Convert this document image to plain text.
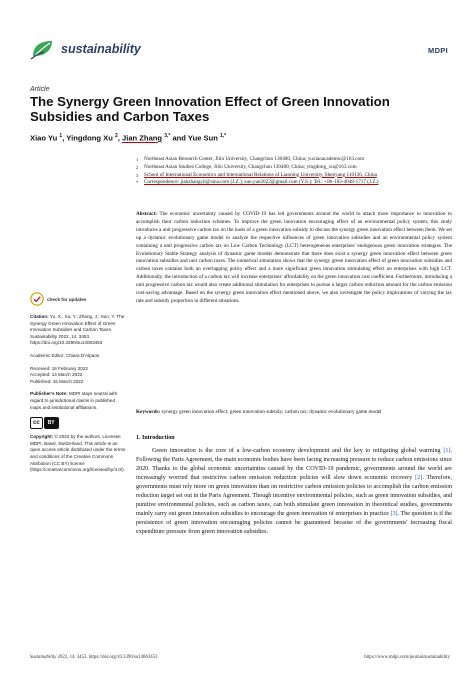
sustainability	MDPI
Article
The Synergy Green Innovation Effect of Green Innovation Subsidies and Carbon Taxes
Xiao Yu $^1$, Yingdong Xu $^2$, Jian Zhang $^{3,*}$ and Yue Sun $^{1,*}$
1 Northeast Asian Research Center, Jilin University, Changchun 130400, China; yuxiaoacademic@163.com
2 Northeast Asian Studies College, Jilin University, Changchun 130400, China; yingdong_xu@163.com
3 School of International Economics and International Relations of Liaoning University, Shenyang 110136, China
* Correspondence: jianzhangcit@sina.com (J.Z.); sun.yue2022@gmail.com (Y.S.); Tel.: +86-183-4048-1717 (J.Z.)
check for updates
Citation: Yu, X.; Xu, Y.; Zhang, J.; Sun, Y. The Synergy Green Innovation Effect of Green Innovation Subsidies and Carbon Taxes. Sustainability 2022, 14, 3453. https://doi.org/10.3390/su14063453
Academic Editor: Chiara D'Alpaos
Received: 16 February 2022
Accepted: 14 March 2022
Published: 15 March 2022
Publisher's Note: MDPI stays neutral with regard to jurisdictional claims in published maps and institutional affiliations.
cc	BY
Copyright: © 2022 by the authors. Licensee MDPI, Basel, Switzerland. This article is an open access article distributed under the terms and conditions of the Creative Commons Attribution (CC BY) license (https://creativecommons.org/licenses/by/4.0/).

Abstract: The economic uncertainty caused by COVID-19 has led governments around the world to attach more importance to innovation to accomplish their carbon reduction schemes. To improve the green innovation encouraging effect of an environmental policy system, this study introduces a unit progressive carbon tax on the basis of a green innovation subsidy to discuss the synergy green innovation effect between them. We set up a dynamic evolutionary game model to analyze the respective influences of green innovation subsidies and an environmental policy system containing a unit progressive carbon tax on Low Carbon Technology (LCT) heterogeneous enterprises' endogenous green innovation strategies. The Evolutionary Stable Strategy analysis of dynamic game models demonstrate that there does exist a synergy green innovation effect between green innovation subsidies and unit carbon taxes. The numerical simulation shows that the synergy green innovation effect of green innovation subsidies and carbon taxes contains both an overlapping policy effect and a more significant green innovation stimulating effect on enterprises with high LCT. Additionally, the introduction of a carbon tax will increase enterprises' affordability on the green innovation cost coefficient. Furthermore, introducing a unit progressive carbon tax would also create additional stimulation for enterprises to pursue a larger carbon reduction amount for the carbon emission cost-saving advantage. Based on the synergy green innovation effect mentioned above, we also investigate the policy implications of varying the tax rate and subsidy proportion in different situations.

Keywords: synergy green innovation effect; green innovation subsidy; carbon tax; dynamic evolutionary game model

1. Introduction

Green innovation is the core of a low-carbon economy development and the key to mitigating global warming [1]. Following the Paris Agreement, the main economic bodies have been facing increasing pressure to reduce carbon emissions since 2020. Thanks to the global economic uncertainties caused by the COVID-19 pandemic, governments around the world are increasingly worried that restrictive carbon emission reduction policies will slow down economic recovery [2]. Therefore, governments must rely more on green innovation than on restrictive carbon emission policies to accomplish the carbon emission reduction target set out in the Paris Agreement. Though incentive environmental policies, such as green innovation subsidies, and punitive environmental policies, such as carbon taxes, can both stimulate green innovation in theoretical studies, governments mainly carry out green innovation subsidies to encourage the green innovation of enterprises in practice [3]. The question is if the persistence of green innovation encouraging policies cannot be guaranteed because of the governments' increasing fiscal expenditure pressure from green innovation subsidies.

Sustainability 2022, 14, 3453. https://doi.org/10.3390/su14063453	https://www.mdpi.com/journal/sustainability
